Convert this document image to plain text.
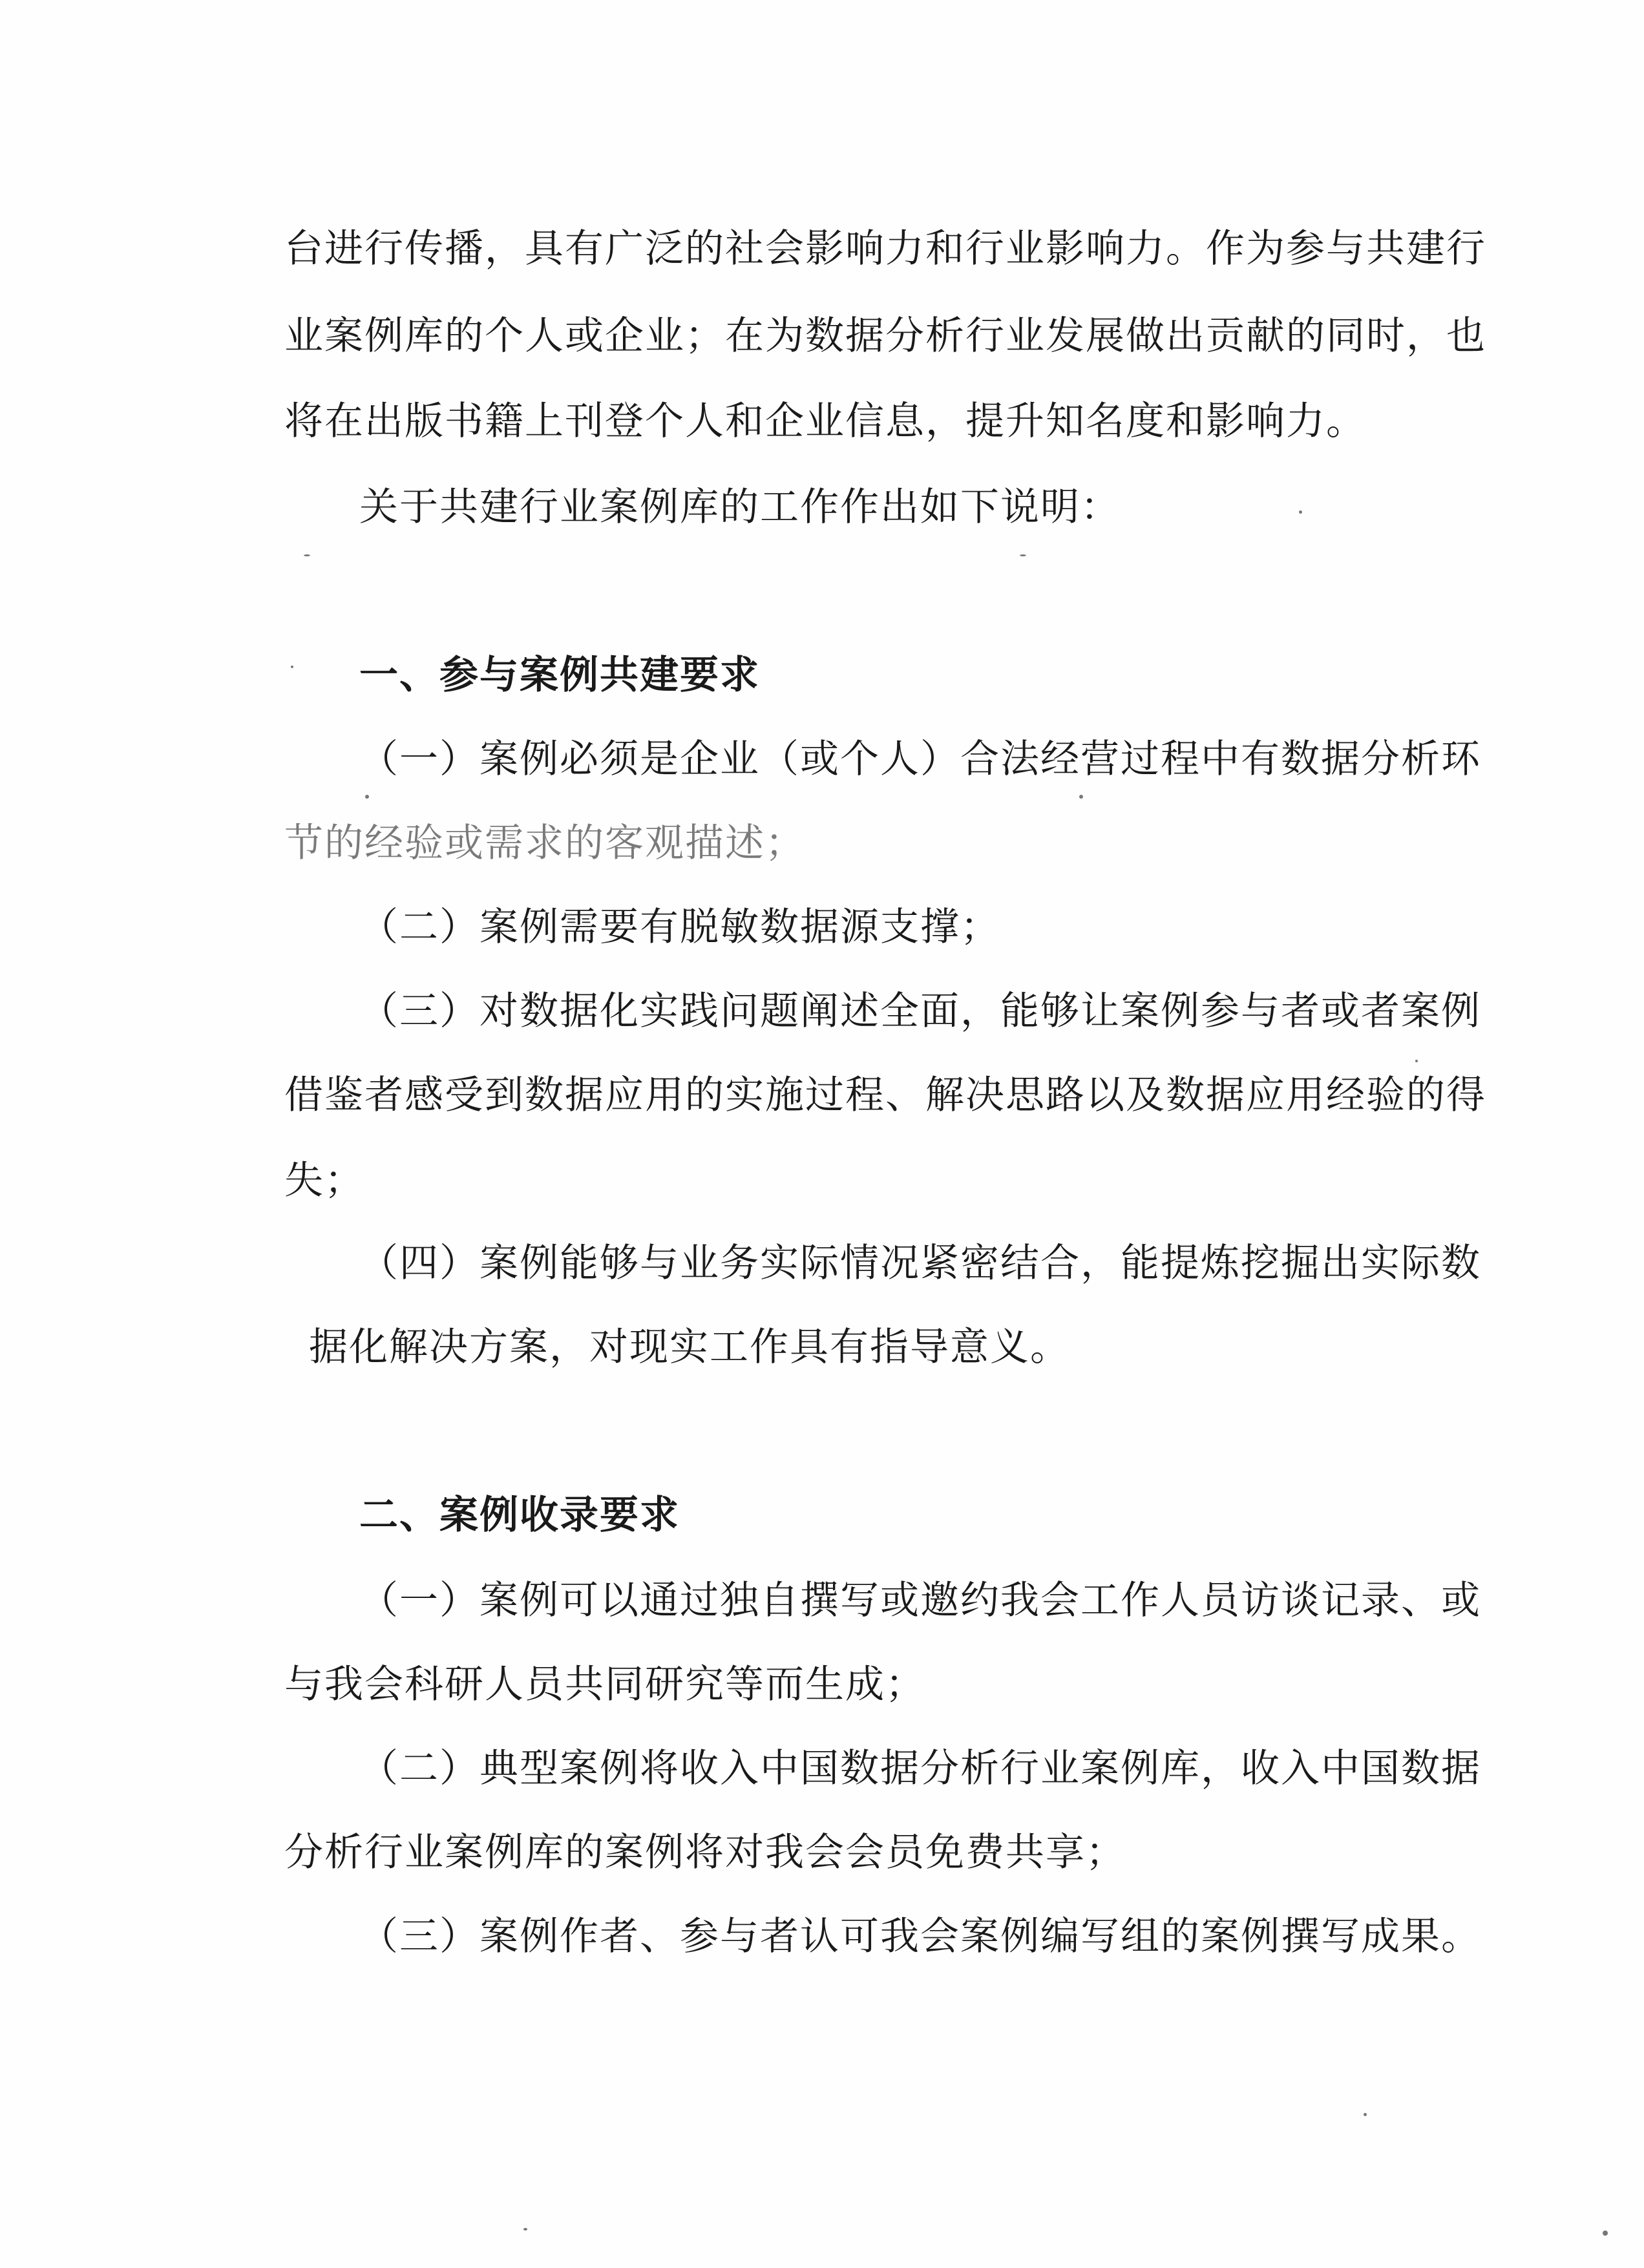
台进行传播，具有广泛的社会影响力和行业影响力。作为参与共建行
业案例库的个人或企业；在为数据分析行业发展做出贡献的同时，也
将在出版书籍上刊登个人和企业信息，提升知名度和影响力。
关于共建行业案例库的工作作出如下说明：
一、参与案例共建要求
（一）案例必须是企业（或个人）合法经营过程中有数据分析环
节的经验或需求的客观描述；
（二）案例需要有脱敏数据源支撑；
（三）对数据化实践问题阐述全面，能够让案例参与者或者案例
借鉴者感受到数据应用的实施过程、解决思路以及数据应用经验的得
失；
（四）案例能够与业务实际情况紧密结合，能提炼挖掘出实际数
据化解决方案，对现实工作具有指导意义。
二、案例收录要求
（一）案例可以通过独自撰写或邀约我会工作人员访谈记录、或
与我会科研人员共同研究等而生成；
（二）典型案例将收入中国数据分析行业案例库，收入中国数据
分析行业案例库的案例将对我会会员免费共享；
（三）案例作者、参与者认可我会案例编写组的案例撰写成果。
